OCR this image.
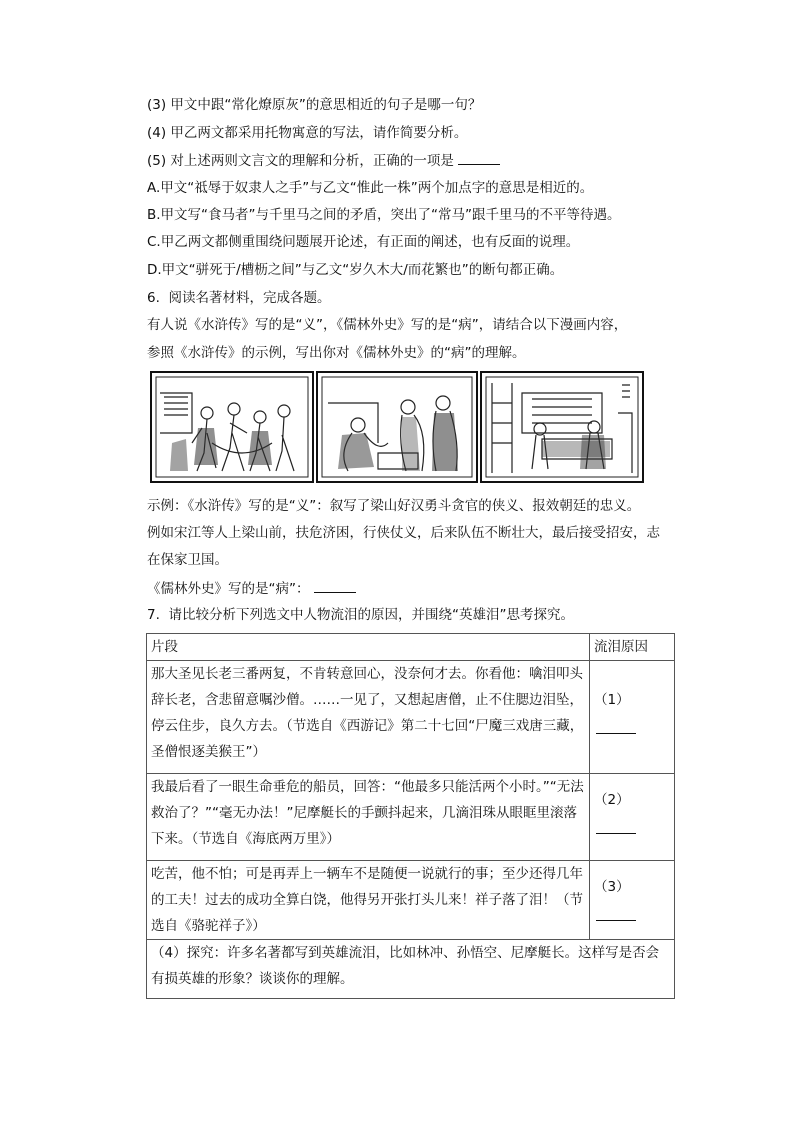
(3) 甲文中跟“常化燎原灰”的意思相近的句子是哪一句？
(4) 甲乙两文都采用托物寓意的写法，请作简要分析。
(5) 对上述两则文言文的理解和分析，正确的一项是
A.甲文“祗辱于奴隶人之手”与乙文“惟此一株”两个加点字的意思是相近的。
B.甲文写“食马者”与千里马之间的矛盾，突出了“常马”跟千里马的不平等待遇。
C.甲乙两文都侧重围绕问题展开论述，有正面的阐述，也有反面的说理。
D.甲文“骈死于/槽枥之间”与乙文“岁久木大/而花繁也”的断句都正确。
6.  阅读名著材料，完成各题。
有人说《水浒传》写的是“义”，《儒林外史》写的是“病”，请结合以下漫画内容，
参照《水浒传》的示例，写出你对《儒林外史》的“病”的理解。
示例：《水浒传》写的是“义”：叙写了梁山好汉勇斗贪官的侠义、报效朝廷的忠义。
例如宋江等人上梁山前，扶危济困，行侠仗义，后来队伍不断壮大，最后接受招安，志
在保家卫国。
《儒林外史》写的是“病”：
7.  请比较分析下列选文中人物流泪的原因，并围绕“英雄泪”思考探究。
片段	流泪原因
那大圣见长老三番两复，不肯转意回心，没奈何才去。你看他：噙泪叩头辞长老，含悲留意嘱沙僧。……一见了，又想起唐僧，止不住腮边泪坠，停云住步，良久方去。（节选自《西游记》第二十七回“尸魔三戏唐三藏，圣僧恨逐美猴王”）	（1）

我最后看了一眼生命垂危的船员，回答：“他最多只能活两个小时。”“无法救治了？”“毫无办法！”尼摩艇长的手颤抖起来，几滴泪珠从眼眶里滚落下来。（节选自《海底两万里》）	（2）

吃苦，他不怕；可是再弄上一辆车不是随便一说就行的事；至少还得几年的工夫！过去的成功全算白饶，他得另开张打头儿来！祥子落了泪！（节选自《骆驼祥子》）	（3）

（4）探究：许多名著都写到英雄流泪，比如林冲、孙悟空、尼摩艇长。这样写是否会有损英雄的形象？谈谈你的理解。	
